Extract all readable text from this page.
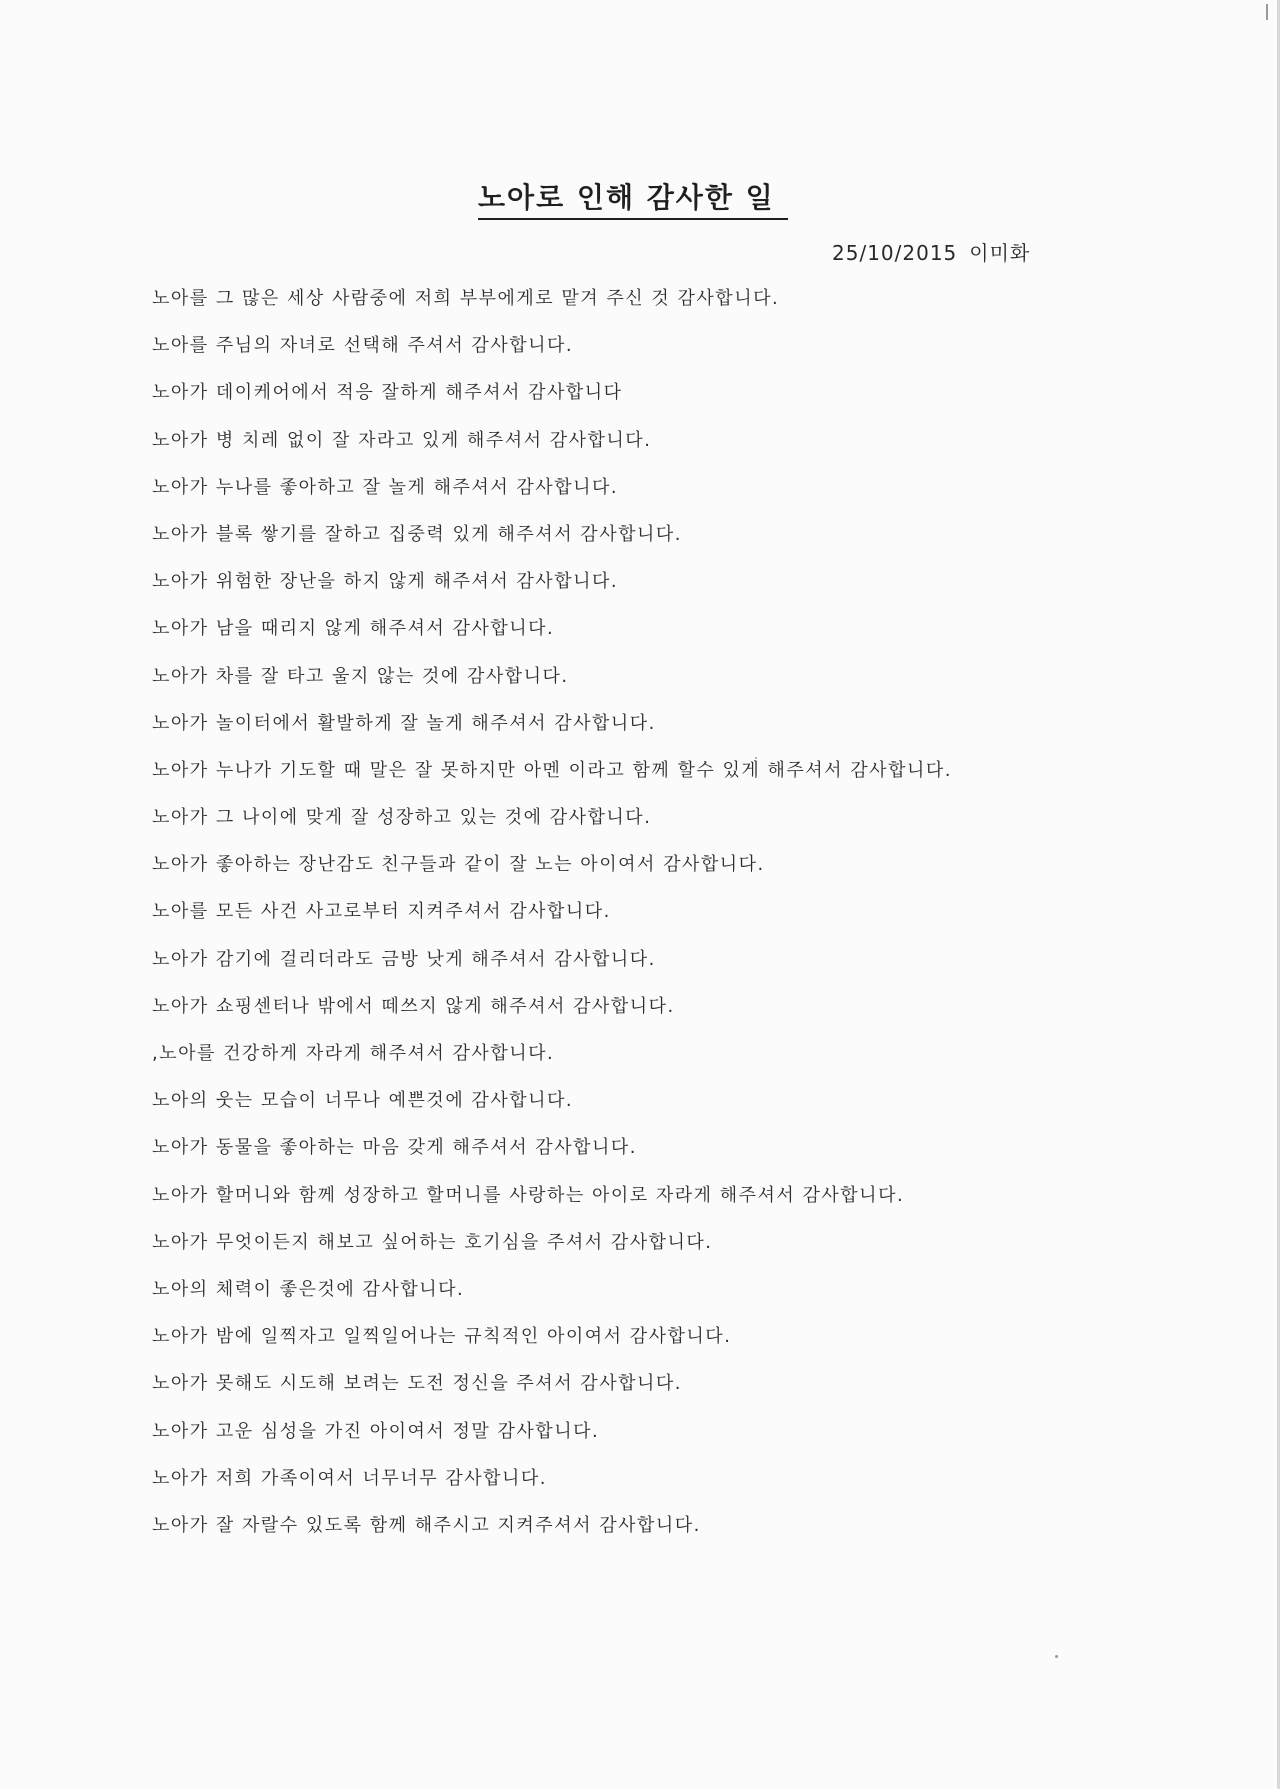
노아로 인해 감사한 일
25/10/2015 이미화
노아를 그 많은 세상 사람중에 저희 부부에게로 맡겨 주신 것 감사합니다.
노아를 주님의 자녀로 선택해 주셔서 감사합니다.
노아가 데이케어에서 적응 잘하게 해주셔서 감사합니다
노아가 병 치레 없이 잘 자라고 있게 해주셔서 감사합니다.
노아가 누나를 좋아하고 잘 놀게 해주셔서 감사합니다.
노아가 블록 쌓기를 잘하고 집중력 있게 해주셔서 감사합니다.
노아가 위험한 장난을 하지 않게 해주셔서 감사합니다.
노아가 남을 때리지 않게 해주셔서 감사합니다.
노아가 차를 잘 타고 울지 않는 것에 감사합니다.
노아가 놀이터에서 활발하게 잘 놀게 해주셔서 감사합니다.
노아가 누나가 기도할 때 말은 잘 못하지만 아멘 이라고 함께 할수 있게 해주셔서 감사합니다.
노아가 그 나이에 맞게 잘 성장하고 있는 것에 감사합니다.
노아가 좋아하는 장난감도 친구들과 같이 잘 노는 아이여서 감사합니다.
노아를 모든 사건 사고로부터 지켜주셔서 감사합니다.
노아가 감기에 걸리더라도 금방 낫게 해주셔서 감사합니다.
노아가 쇼핑센터나 밖에서 떼쓰지 않게 해주셔서 감사합니다.
,노아를 건강하게 자라게 해주셔서 감사합니다.
노아의 웃는 모습이 너무나 예쁜것에 감사합니다.
노아가 동물을 좋아하는 마음 갖게 해주셔서 감사합니다.
노아가 할머니와 함께 성장하고 할머니를 사랑하는 아이로 자라게 해주셔서 감사합니다.
노아가 무엇이든지 해보고 싶어하는 호기심을 주셔서 감사합니다.
노아의 체력이 좋은것에 감사합니다.
노아가 밤에 일찍자고 일찍일어나는 규칙적인 아이여서 감사합니다.
노아가 못해도 시도해 보려는 도전 정신을 주셔서 감사합니다.
노아가 고운 심성을 가진 아이여서 정말 감사합니다.
노아가 저희 가족이여서 너무너무 감사합니다.
노아가 잘 자랄수 있도록 함께 해주시고 지켜주셔서 감사합니다.
